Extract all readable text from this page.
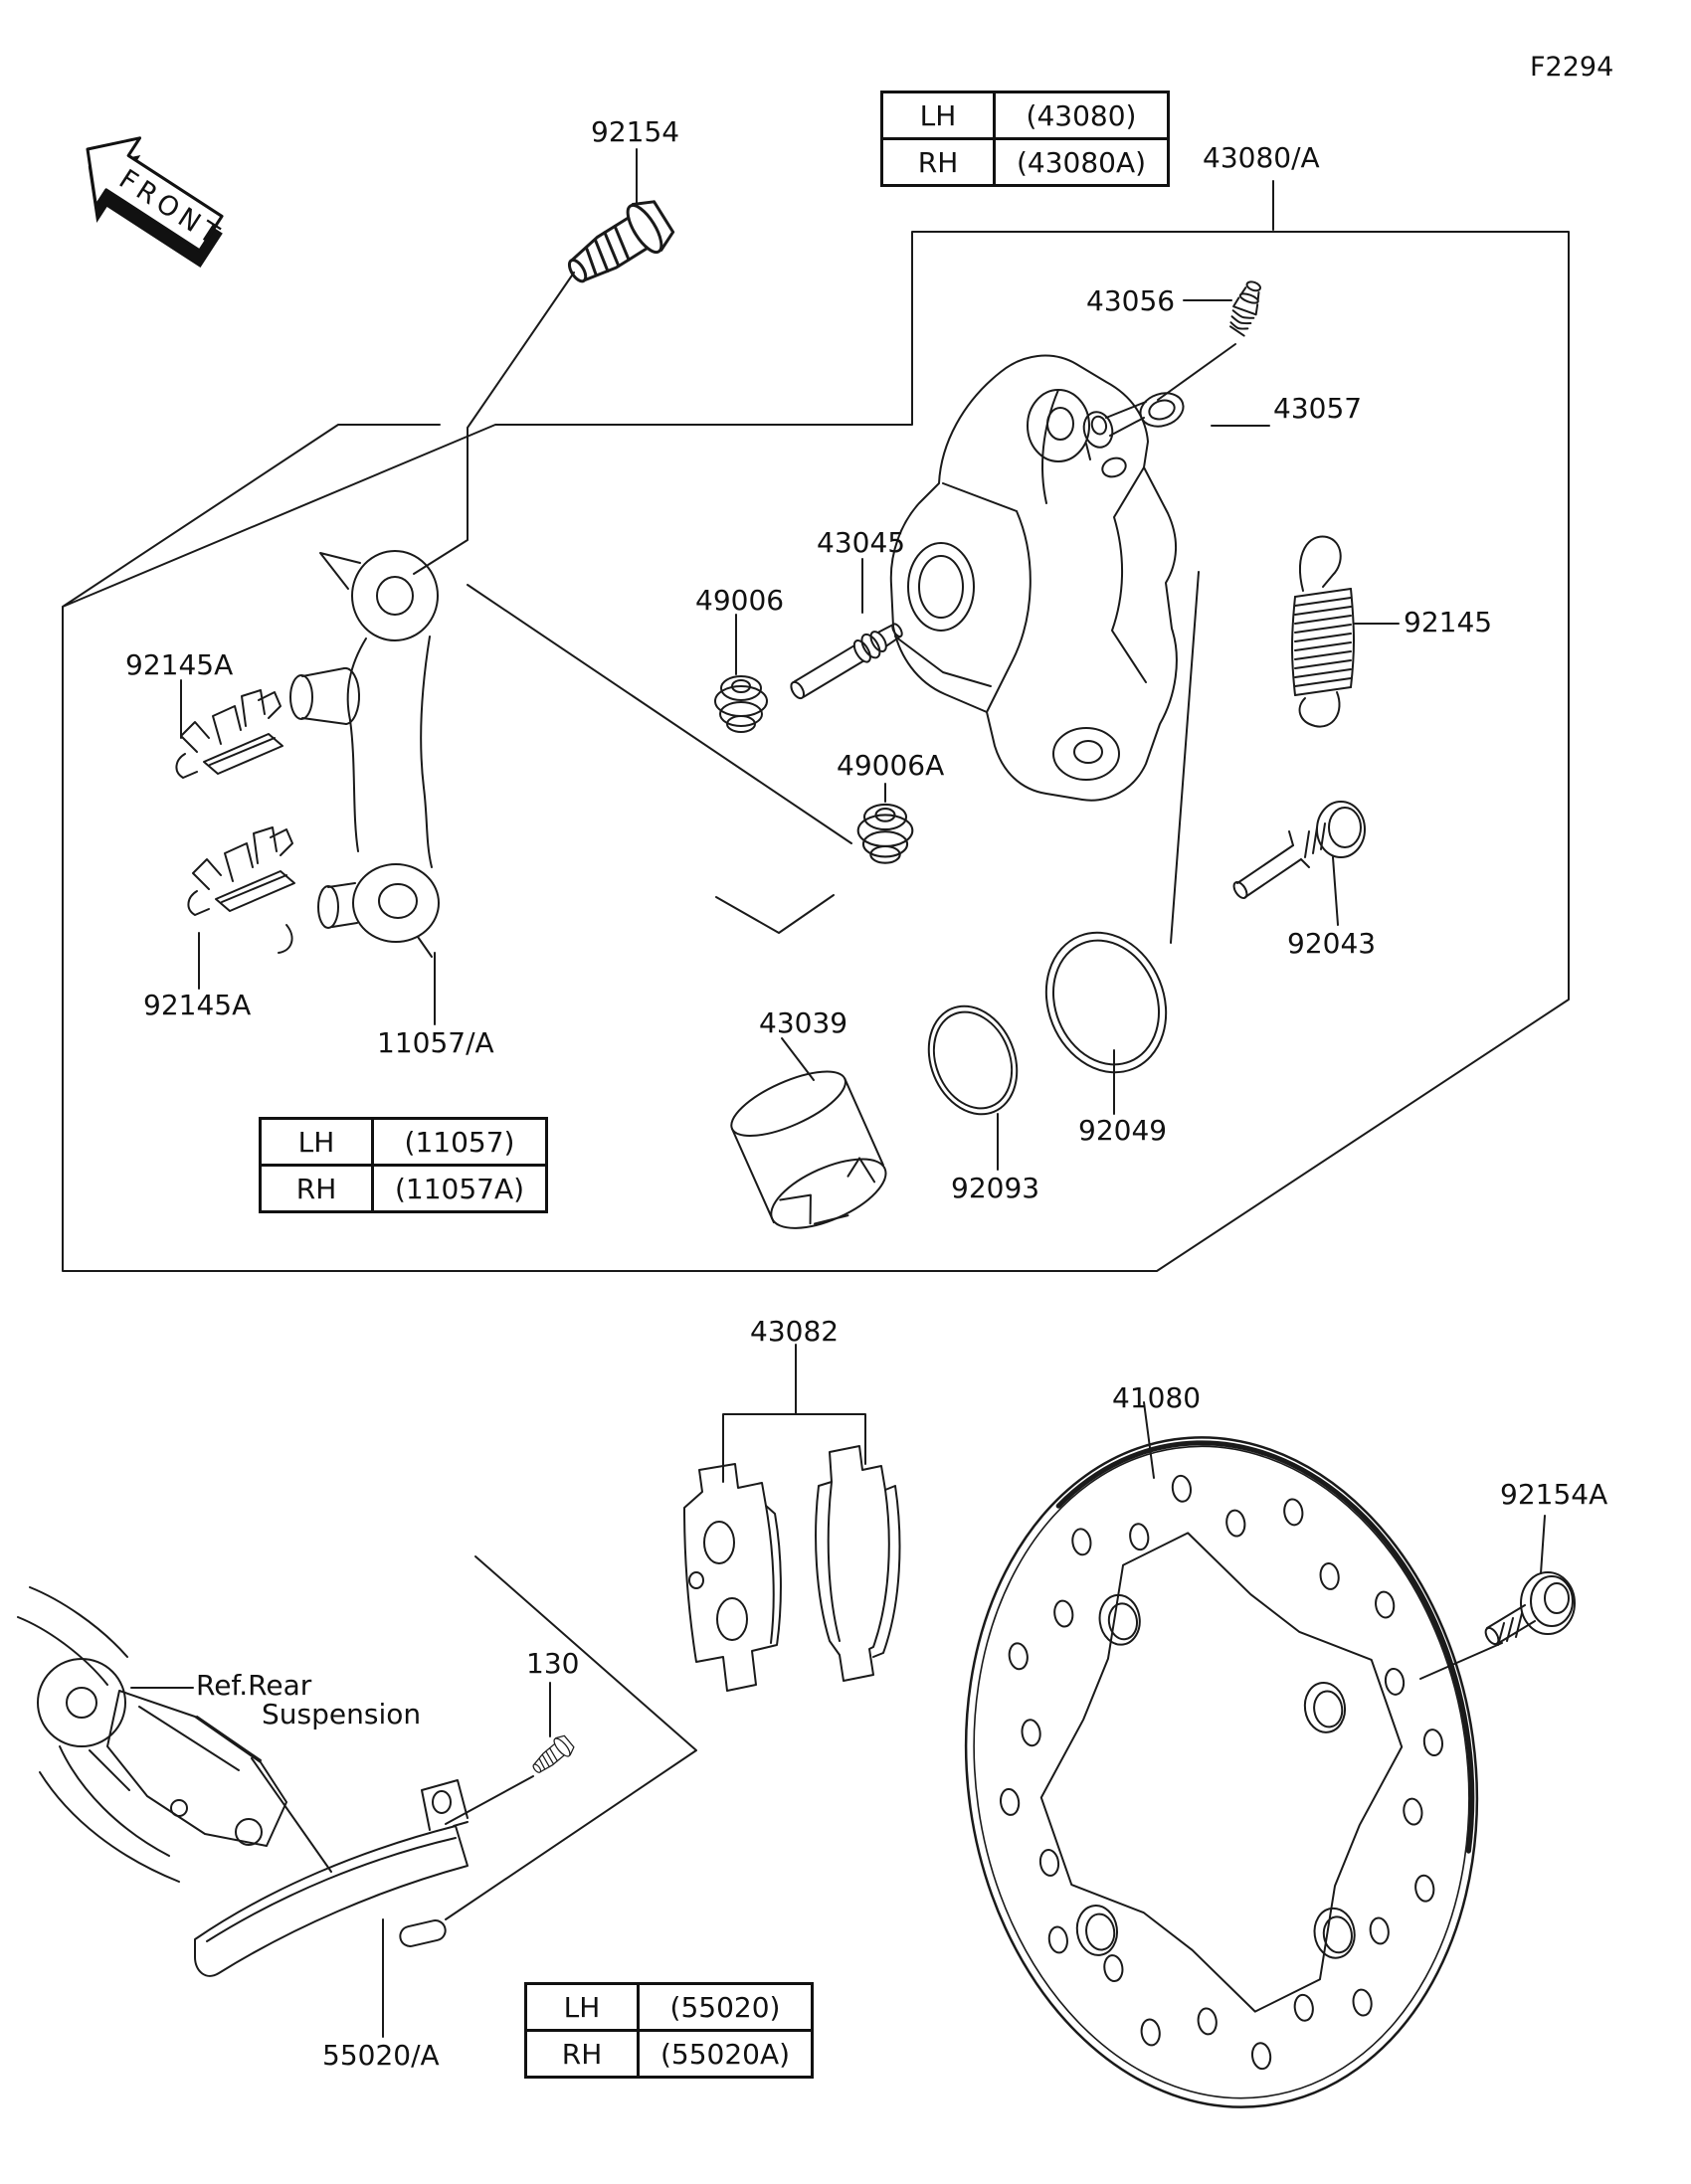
FRONT
F2294
92154
43080/A
43056
43057
43045
49006
92145
92145A
49006A
92043
92145A
11057/A
43039
92093
92049
43082
41080
92154A
130
55020/A
Ref.Rear
Suspension
LH	(43080)
RH	(43080A)
LH	(11057)
RH	(11057A)
LH	(55020)
RH	(55020A)
